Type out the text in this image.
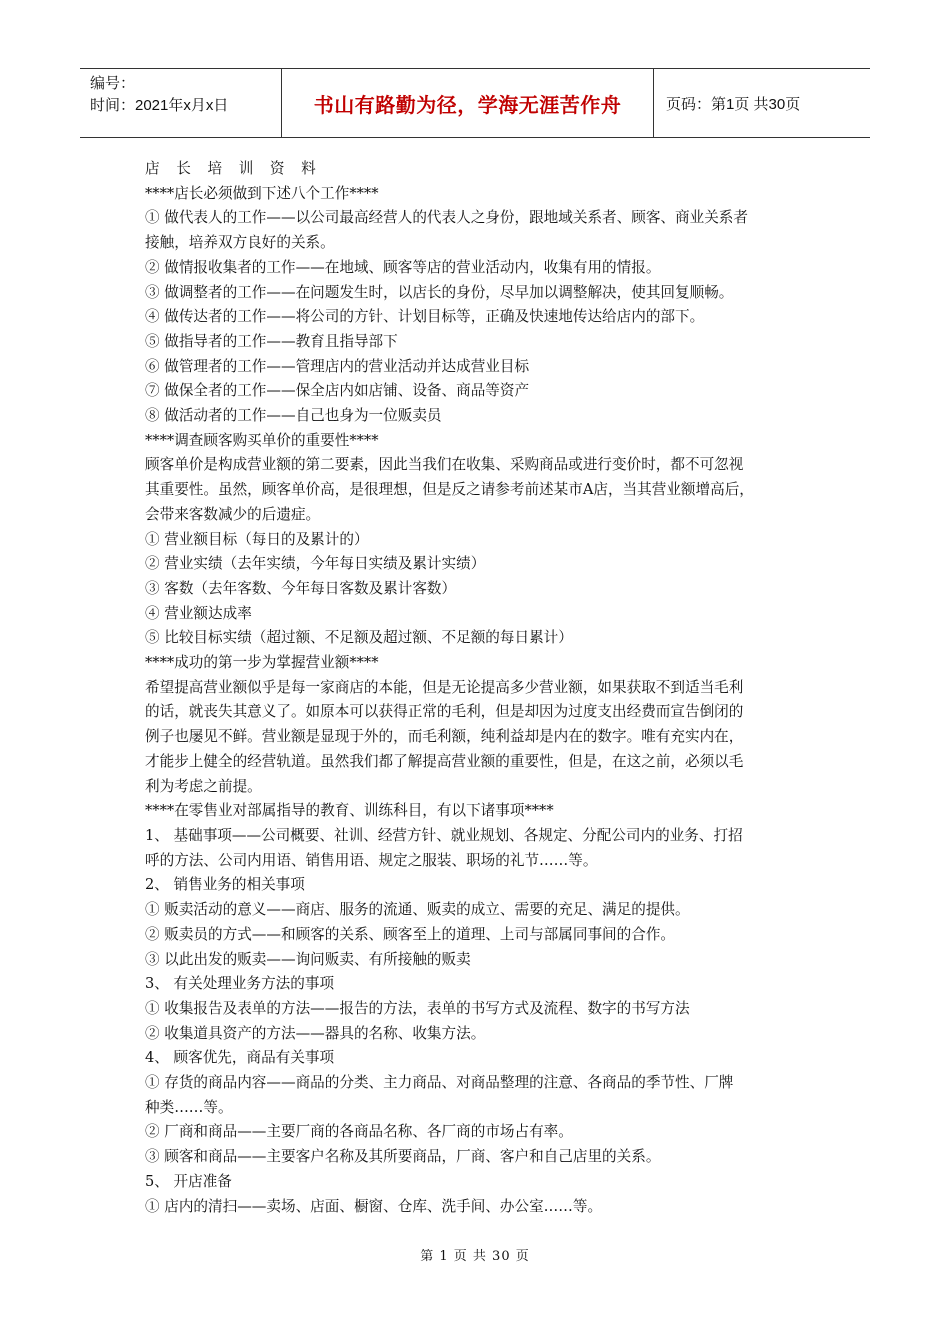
编号：
时间：2021年x月x日	书山有路勤为径，学海无涯苦作舟	页码：第1页 共30页

店 长 培 训 资 料

****店长必须做到下述八个工作****

① 做代表人的工作——以公司最高经营人的代表人之身份，跟地域关系者、顾客、商业关系者

接触，培养双方良好的关系。

② 做情报收集者的工作——在地域、顾客等店的营业活动内，收集有用的情报。

③ 做调整者的工作——在问题发生时，以店长的身份，尽早加以调整解决，使其回复顺畅。

④ 做传达者的工作——将公司的方针、计划目标等，正确及快速地传达给店内的部下。

⑤ 做指导者的工作——教育且指导部下

⑥ 做管理者的工作——管理店内的营业活动并达成营业目标

⑦ 做保全者的工作——保全店内如店铺、设备、商品等资产

⑧ 做活动者的工作——自己也身为一位贩卖员

****调查顾客购买单价的重要性****

顾客单价是构成营业额的第二要素，因此当我们在收集、采购商品或进行变价时，都不可忽视

其重要性。虽然，顾客单价高，是很理想，但是反之请参考前述某市A店，当其营业额增高后，

会带来客数减少的后遗症。

① 营业额目标（每日的及累计的）

② 营业实绩（去年实绩，今年每日实绩及累计实绩）

③ 客数（去年客数、今年每日客数及累计客数）

④ 营业额达成率

⑤ 比较目标实绩（超过额、不足额及超过额、不足额的每日累计）

****成功的第一步为掌握营业额****

希望提高营业额似乎是每一家商店的本能，但是无论提高多少营业额，如果获取不到适当毛利

的话，就丧失其意义了。如原本可以获得正常的毛利，但是却因为过度支出经费而宣告倒闭的

例子也屡见不鲜。营业额是显现于外的，而毛利额，纯利益却是内在的数字。唯有充实内在，

才能步上健全的经营轨道。虽然我们都了解提高营业额的重要性，但是，在这之前，必须以毛

利为考虑之前提。

****在零售业对部属指导的教育、训练科目，有以下诸事项****

1、 基础事项——公司概要、社训、经营方针、就业规划、各规定、分配公司内的业务、打招

呼的方法、公司内用语、销售用语、规定之服装、职场的礼节……等。

2、 销售业务的相关事项

① 贩卖活动的意义——商店、服务的流通、贩卖的成立、需要的充足、满足的提供。

② 贩卖员的方式——和顾客的关系、顾客至上的道理、上司与部属同事间的合作。

③ 以此出发的贩卖——询问贩卖、有所接触的贩卖

3、 有关处理业务方法的事项

① 收集报告及表单的方法——报告的方法，表单的书写方式及流程、数字的书写方法

② 收集道具资产的方法——器具的名称、收集方法。

4、 顾客优先，商品有关事项

① 存货的商品内容——商品的分类、主力商品、对商品整理的注意、各商品的季节性、厂牌

种类……等。

② 厂商和商品——主要厂商的各商品名称、各厂商的市场占有率。

③ 顾客和商品——主要客户名称及其所要商品，厂商、客户和自己店里的关系。

5、 开店准备

① 店内的清扫——卖场、店面、橱窗、仓库、洗手间、办公室……等。

第 1 页 共 30 页
